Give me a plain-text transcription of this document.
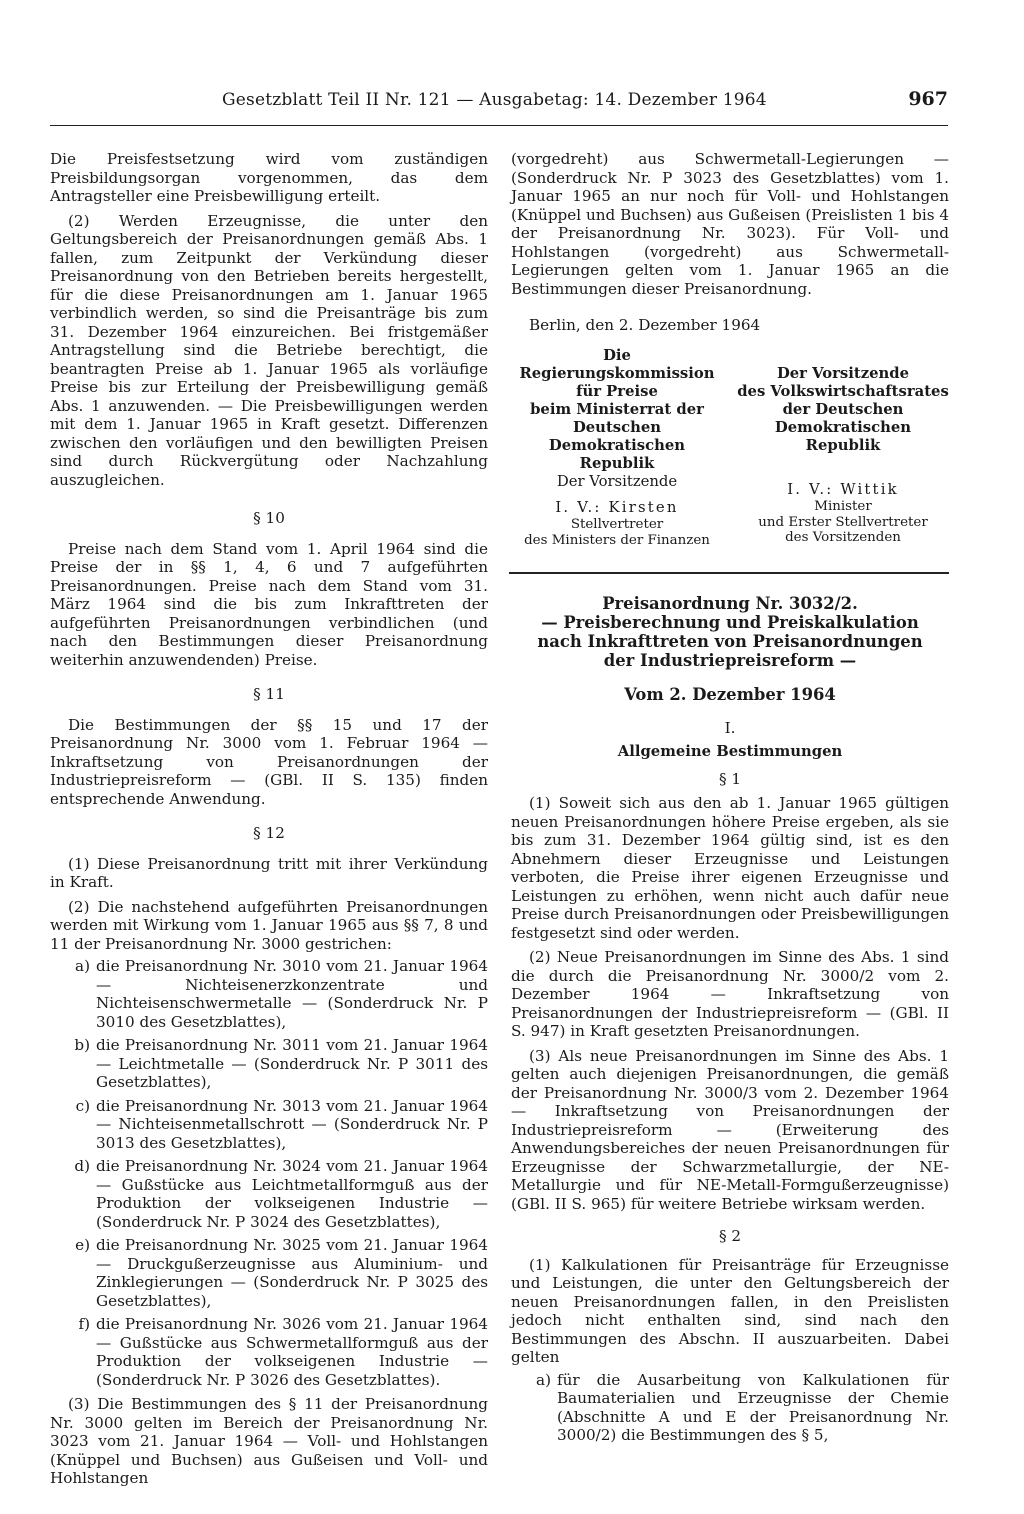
Gesetzblatt Teil II Nr. 121 — Ausgabetag: 14. Dezember 1964	967

Die Preisfestsetzung wird vom zuständigen Preisbildungsorgan vorgenommen, das dem Antragsteller eine Preisbewilligung erteilt.

(2) Werden Erzeugnisse, die unter den Geltungsbereich der Preisanordnungen gemäß Abs. 1 fallen, zum Zeitpunkt der Verkündung dieser Preisanordnung von den Betrieben bereits hergestellt, für die diese Preisanordnungen am 1. Januar 1965 verbindlich werden, so sind die Preisanträge bis zum 31. Dezember 1964 einzureichen. Bei fristgemäßer Antragstellung sind die Betriebe berechtigt, die beantragten Preise ab 1. Januar 1965 als vorläufige Preise bis zur Erteilung der Preisbewilligung gemäß Abs. 1 anzuwenden. — Die Preisbewilligungen werden mit dem 1. Januar 1965 in Kraft gesetzt. Differenzen zwischen den vorläufigen und den bewilligten Preisen sind durch Rückvergütung oder Nachzahlung auszugleichen.

§ 10

Preise nach dem Stand vom 1. April 1964 sind die Preise der in §§ 1, 4, 6 und 7 aufgeführten Preisanordnungen. Preise nach dem Stand vom 31. März 1964 sind die bis zum Inkrafttreten der aufgeführten Preisanordnungen verbindlichen (und nach den Bestimmungen dieser Preisanordnung weiterhin anzuwendenden) Preise.

§ 11

Die Bestimmungen der §§ 15 und 17 der Preisanordnung Nr. 3000 vom 1. Februar 1964 — Inkraftsetzung von Preisanordnungen der Industriepreisreform — (GBl. II S. 135) finden entsprechende Anwendung.

§ 12

(1) Diese Preisanordnung tritt mit ihrer Verkündung in Kraft.

(2) Die nachstehend aufgeführten Preisanordnungen werden mit Wirkung vom 1. Januar 1965 aus §§ 7, 8 und 11 der Preisanordnung Nr. 3000 gestrichen:

a) die Preisanordnung Nr. 3010 vom 21. Januar 1964 — Nichteisenerzkonzentrate und Nichteisenschwermetalle — (Sonderdruck Nr. P 3010 des Gesetzblattes),
b) die Preisanordnung Nr. 3011 vom 21. Januar 1964 — Leichtmetalle — (Sonderdruck Nr. P 3011 des Gesetzblattes),
c) die Preisanordnung Nr. 3013 vom 21. Januar 1964 — Nichteisenmetallschrott — (Sonderdruck Nr. P 3013 des Gesetzblattes),
d) die Preisanordnung Nr. 3024 vom 21. Januar 1964 — Gußstücke aus Leichtmetallformguß aus der Produktion der volkseigenen Industrie — (Sonderdruck Nr. P 3024 des Gesetzblattes),
e) die Preisanordnung Nr. 3025 vom 21. Januar 1964 — Druckgußerzeugnisse aus Aluminium- und Zinklegierungen — (Sonderdruck Nr. P 3025 des Gesetzblattes),
f) die Preisanordnung Nr. 3026 vom 21. Januar 1964 — Gußstücke aus Schwermetallformguß aus der Produktion der volkseigenen Industrie — (Sonderdruck Nr. P 3026 des Gesetzblattes).

(3) Die Bestimmungen des § 11 der Preisanordnung Nr. 3000 gelten im Bereich der Preisanordnung Nr. 3023 vom 21. Januar 1964 — Voll- und Hohlstangen (Knüppel und Buchsen) aus Gußeisen und Voll- und Hohlstangen

(vorgedreht) aus Schwermetall-Legierungen — (Sonderdruck Nr. P 3023 des Gesetzblattes) vom 1. Januar 1965 an nur noch für Voll- und Hohlstangen (Knüppel und Buchsen) aus Gußeisen (Preislisten 1 bis 4 der Preisanordnung Nr. 3023). Für Voll- und Hohlstangen (vorgedreht) aus Schwermetall-Legierungen gelten vom 1. Januar 1965 an die Bestimmungen dieser Preisanordnung.

Berlin, den 2. Dezember 1964

Die Regierungskommission
für Preise
beim Ministerrat der
Deutschen Demokratischen
Republik
Der Vorsitzende
I. V.: Kirsten
Stellvertreter
des Ministers der Finanzen
Der Vorsitzende
des Volkswirtschaftsrates
der Deutschen
Demokratischen Republik
I. V.: Wittik
Minister
und Erster Stellvertreter
des Vorsitzenden
Preisanordnung Nr. 3032/2.
— Preisberechnung und Preiskalkulation
nach Inkrafttreten von Preisanordnungen
der Industriepreisreform —
Vom 2. Dezember 1964
I.
Allgemeine Bestimmungen
§ 1

(1) Soweit sich aus den ab 1. Januar 1965 gültigen neuen Preisanordnungen höhere Preise ergeben, als sie bis zum 31. Dezember 1964 gültig sind, ist es den Abnehmern dieser Erzeugnisse und Leistungen verboten, die Preise ihrer eigenen Erzeugnisse und Leistungen zu erhöhen, wenn nicht auch dafür neue Preise durch Preisanordnungen oder Preisbewilligungen festgesetzt sind oder werden.

(2) Neue Preisanordnungen im Sinne des Abs. 1 sind die durch die Preisanordnung Nr. 3000/2 vom 2. Dezember 1964 — Inkraftsetzung von Preisanordnungen der Industriepreisreform — (GBl. II S. 947) in Kraft gesetzten Preisanordnungen.

(3) Als neue Preisanordnungen im Sinne des Abs. 1 gelten auch diejenigen Preisanordnungen, die gemäß der Preisanordnung Nr. 3000/3 vom 2. Dezember 1964 — Inkraftsetzung von Preisanordnungen der Industriepreisreform — (Erweiterung des Anwendungsbereiches der neuen Preisanordnungen für Erzeugnisse der Schwarzmetallurgie, der NE-Metallurgie und für NE-Metall-Formgußerzeugnisse) (GBl. II S. 965) für weitere Betriebe wirksam werden.

§ 2

(1) Kalkulationen für Preisanträge für Erzeugnisse und Leistungen, die unter den Geltungsbereich der neuen Preisanordnungen fallen, in den Preislisten jedoch nicht enthalten sind, sind nach den Bestimmungen des Abschn. II auszuarbeiten. Dabei gelten

a) für die Ausarbeitung von Kalkulationen für Baumaterialien und Erzeugnisse der Chemie (Abschnitte A und E der Preisanordnung Nr. 3000/2) die Bestimmungen des § 5,
